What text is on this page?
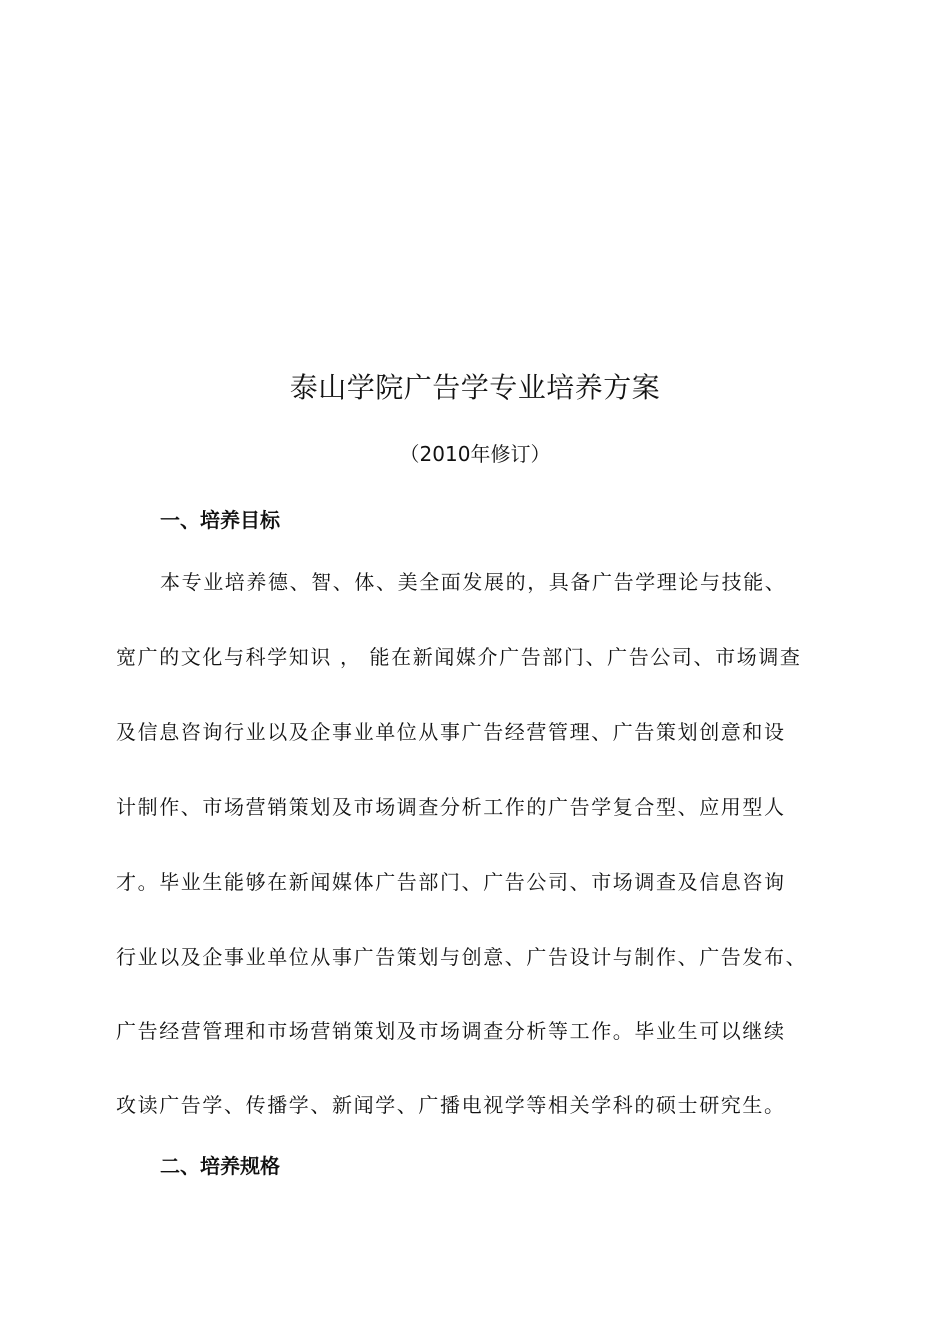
泰山学院广告学专业培养方案
（2010年修订）
一、培养目标

本专业培养德、智、体、美全面发展的，具备广告学理论与技能、

宽广的文化与科学知识 ， 能在新闻媒介广告部门、广告公司、市场调查

及信息咨询行业以及企事业单位从事广告经营管理、广告策划创意和设

计制作、市场营销策划及市场调查分析工作的广告学复合型、应用型人

才。毕业生能够在新闻媒体广告部门、广告公司、市场调查及信息咨询

行业以及企事业单位从事广告策划与创意、广告设计与制作、广告发布、

广告经营管理和市场营销策划及市场调查分析等工作。毕业生可以继续

攻读广告学、传播学、新闻学、广播电视学等相关学科的硕士研究生。

二、培养规格
